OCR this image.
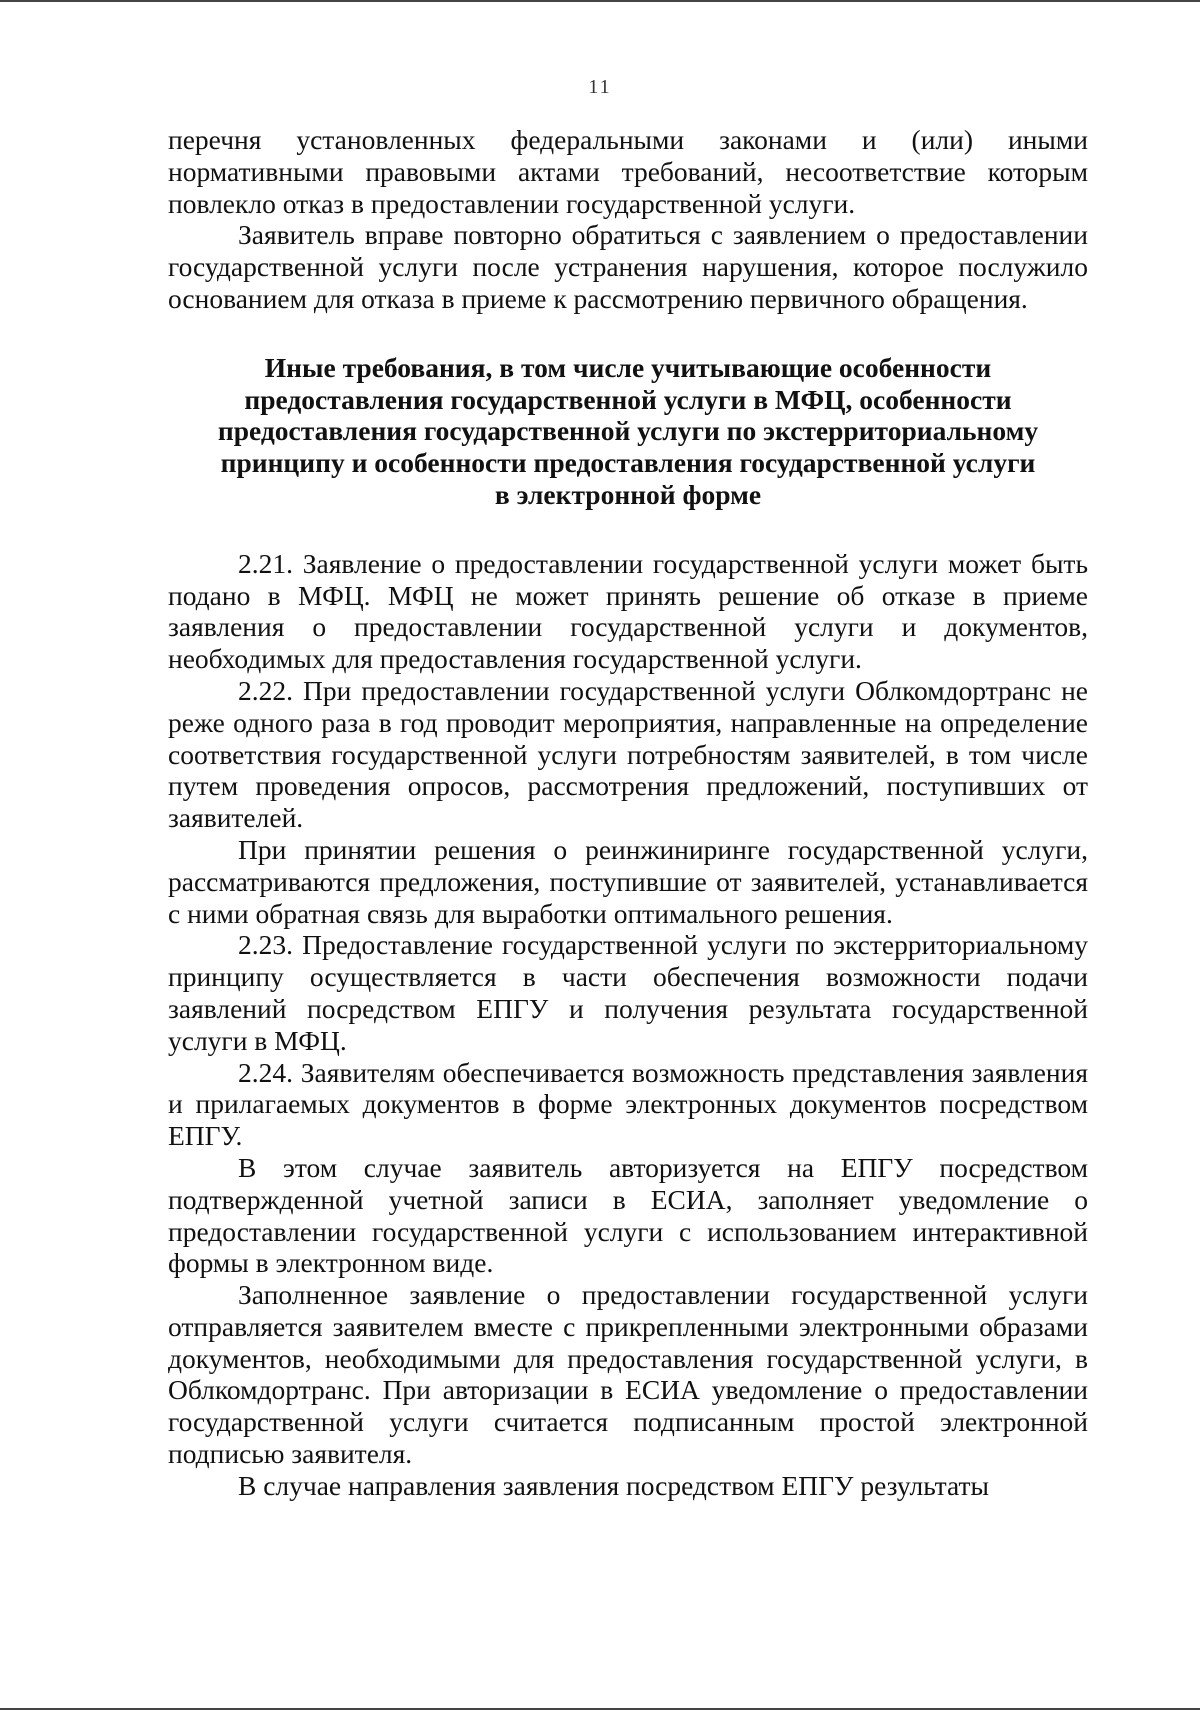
11

перечня установленных федеральными законами и (или) иными нормативными правовыми актами требований, несоответствие которым повлекло отказ в предоставлении государственной услуги.

Заявитель вправе повторно обратиться с заявлением о предоставлении государственной услуги после устранения нарушения, которое послужило основанием для отказа в приеме к рассмотрению первичного обращения.

Иные требования, в том числе учитывающие особенности
предоставления государственной услуги в МФЦ, особенности
предоставления государственной услуги по экстерриториальному
принципу и особенности предоставления государственной услуги
в электронной форме

2.21. Заявление о предоставлении государственной услуги может быть подано в МФЦ. МФЦ не может принять решение об отказе в приеме заявления о предоставлении государственной услуги и документов, необходимых для предоставления государственной услуги.

2.22. При предоставлении государственной услуги Облкомдортранс не реже одного раза в год проводит мероприятия, направленные на определение соответствия государственной услуги потребностям заявителей, в том числе путем проведения опросов, рассмотрения предложений, поступивших от заявителей.

При принятии решения о реинжиниринге государственной услуги, рассматриваются предложения, поступившие от заявителей, устанавливается с ними обратная связь для выработки оптимального решения.

2.23. Предоставление государственной услуги по экстерриториальному принципу осуществляется в части обеспечения возможности подачи заявлений посредством ЕПГУ и получения результата государственной услуги в МФЦ.

2.24. Заявителям обеспечивается возможность представления заявления и прилагаемых документов в форме электронных документов посредством ЕПГУ.

В этом случае заявитель авторизуется на ЕПГУ посредством подтвержденной учетной записи в ЕСИА, заполняет уведомление о предоставлении государственной услуги с использованием интерактивной формы в электронном виде.

Заполненное заявление о предоставлении государственной услуги отправляется заявителем вместе с прикрепленными электронными образами документов, необходимыми для предоставления государственной услуги, в Облкомдортранс. При авторизации в ЕСИА уведомление о предоставлении государственной услуги считается подписанным простой электронной подписью заявителя.

В случае направления заявления посредством ЕПГУ результаты
